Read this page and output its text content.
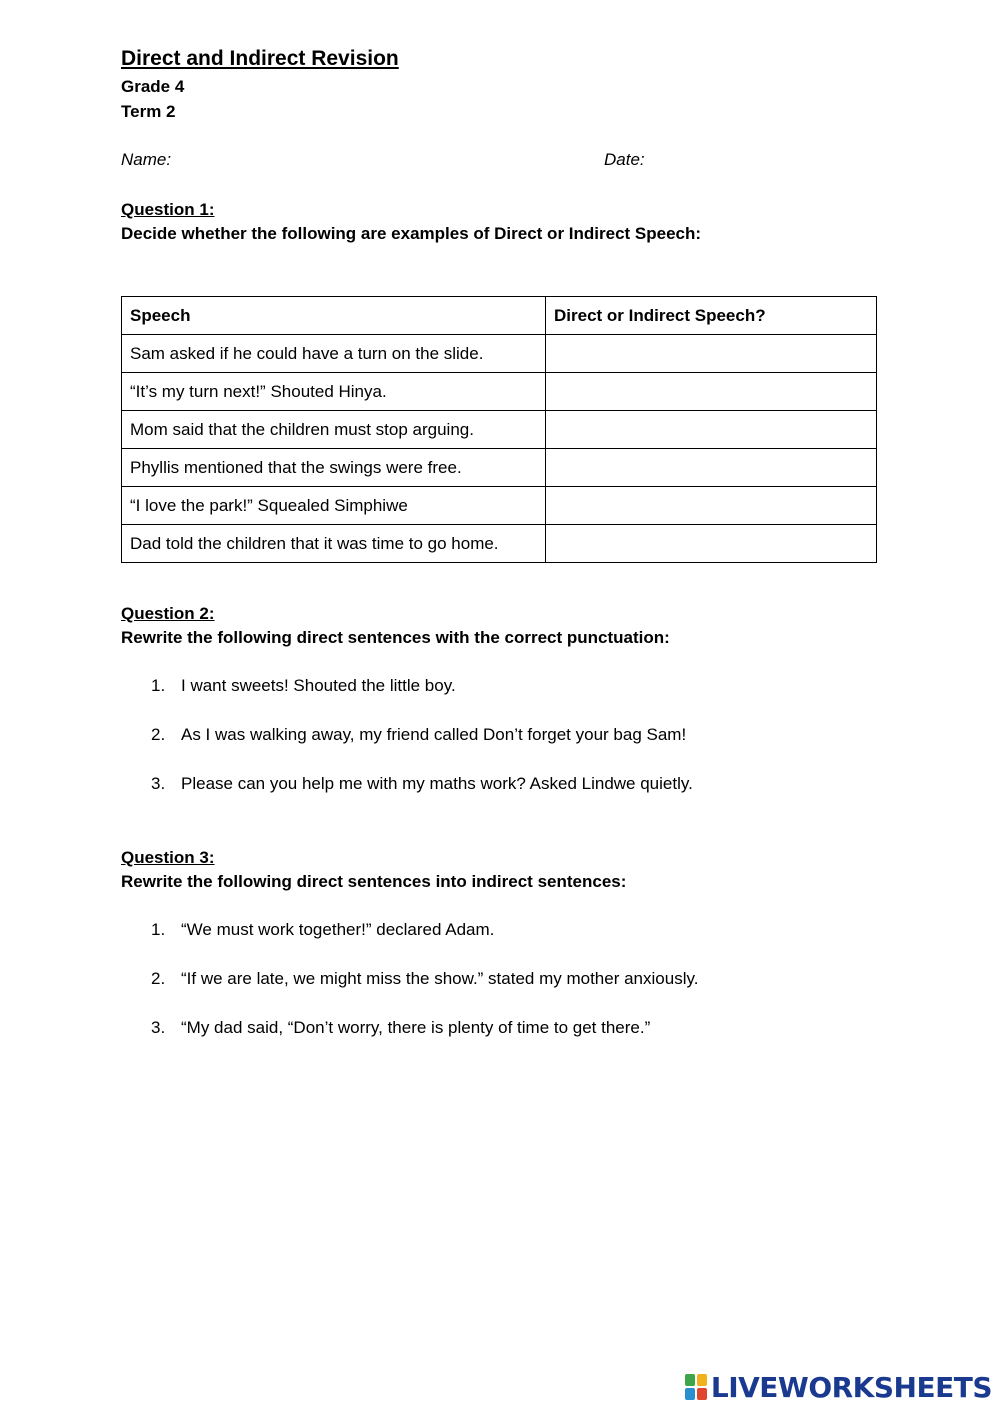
Direct and Indirect Revision
Grade 4
Term 2
Name:	Date:
Question 1:
Decide whether the following are examples of Direct or Indirect Speech:
Speech	Direct or Indirect Speech?
Sam asked if he could have a turn on the slide.	
“It’s my turn next!” Shouted Hinya.	
Mom said that the children must stop arguing.	
Phyllis mentioned that the swings were free.	
“I love the park!” Squealed Simphiwe	
Dad told the children that it was time to go home.	
Question 2:
Rewrite the following direct sentences with the correct punctuation:
1. I want sweets! Shouted the little boy.
2. As I was walking away, my friend called Don’t forget your bag Sam!
3. Please can you help me with my maths work? Asked Lindwe quietly.
Question 3:
Rewrite the following direct sentences into indirect sentences:
1. “We must work together!” declared Adam.
2. “If we are late, we might miss the show.” stated my mother anxiously.
3. “My dad said, “Don’t worry, there is plenty of time to get there.”
LIVEWORKSHEETS
